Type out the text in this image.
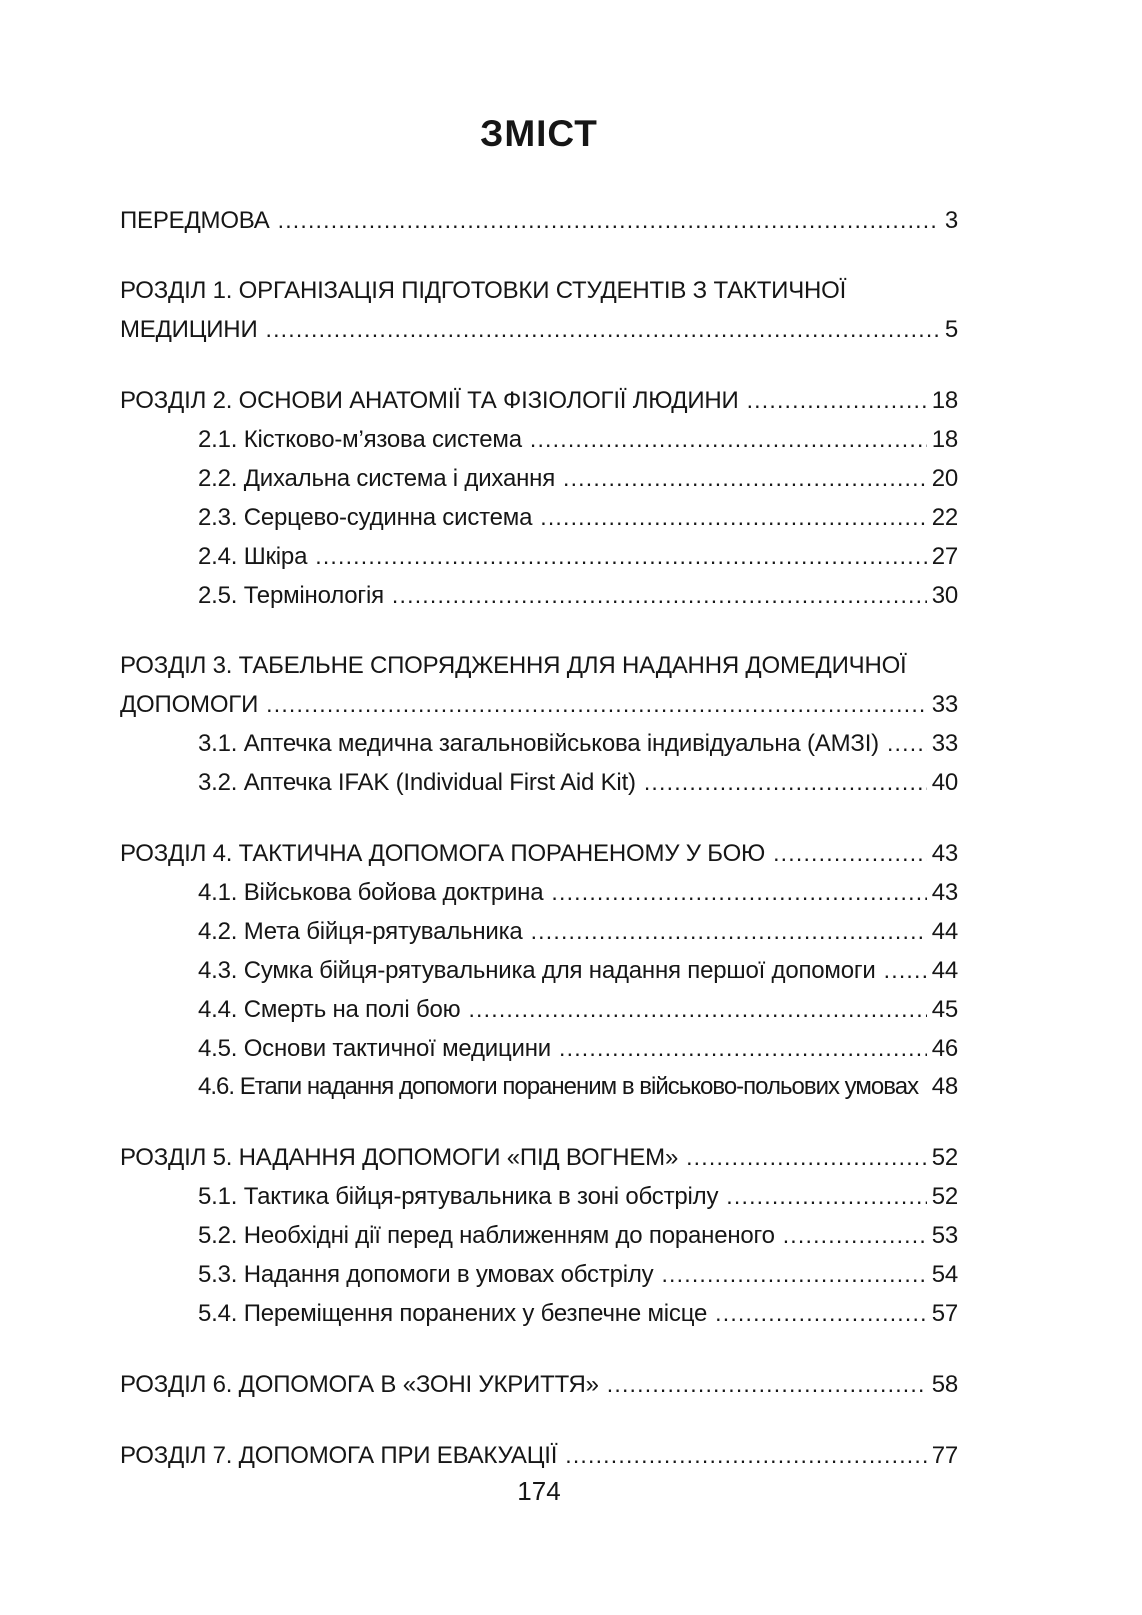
ЗМІСТ
ПЕРЕДМОВА .....	3
РОЗДІЛ 1. ОРГАНІЗАЦІЯ ПІДГОТОВКИ СТУДЕНТІВ З ТАКТИЧНОЇ
МЕДИЦИНИ .....	5
РОЗДІЛ 2. ОСНОВИ АНАТОМІЇ ТА ФІЗІОЛОГІЇ ЛЮДИНИ .....	18
2.1. Кістково-м’язова система .....	18
2.2. Дихальна система і дихання .....	20
2.3. Серцево-судинна система .....	22
2.4. Шкіра .....	27
2.5. Термінологія .....	30
РОЗДІЛ 3. ТАБЕЛЬНЕ СПОРЯДЖЕННЯ ДЛЯ НАДАННЯ ДОМЕДИЧНОЇ
ДОПОМОГИ .....	33
3.1. Аптечка медична загальновійськова індивідуальна (АМЗІ) ..... 33
3.2. Аптечка IFAK (Individual First Aid Kit) .....	40
РОЗДІЛ 4. ТАКТИЧНА ДОПОМОГА ПОРАНЕНОМУ У БОЮ .....	43
4.1. Військова бойова доктрина .....	43
4.2. Мета бійця-рятувальника .....	44
4.3. Сумка бійця-рятувальника для надання першої допомоги ..... 44
4.4. Смерть на полі бою .....	45
4.5. Основи тактичної медицини .....	46
4.6. Етапи надання допомоги пораненим в військово-польових умовах 48
РОЗДІЛ 5. НАДАННЯ ДОПОМОГИ «ПІД ВОГНЕМ» .....	52
5.1. Тактика бійця-рятувальника в зоні обстрілу .....	52
5.2. Необхідні дії перед наближенням до пораненого .....	53
5.3. Надання допомоги в умовах обстрілу .....	54
5.4. Переміщення поранених у безпечне місце .....	57
РОЗДІЛ 6. ДОПОМОГА В «ЗОНІ УКРИТТЯ» .....	58
РОЗДІЛ 7. ДОПОМОГА ПРИ ЕВАКУАЦІЇ .....	77
174
